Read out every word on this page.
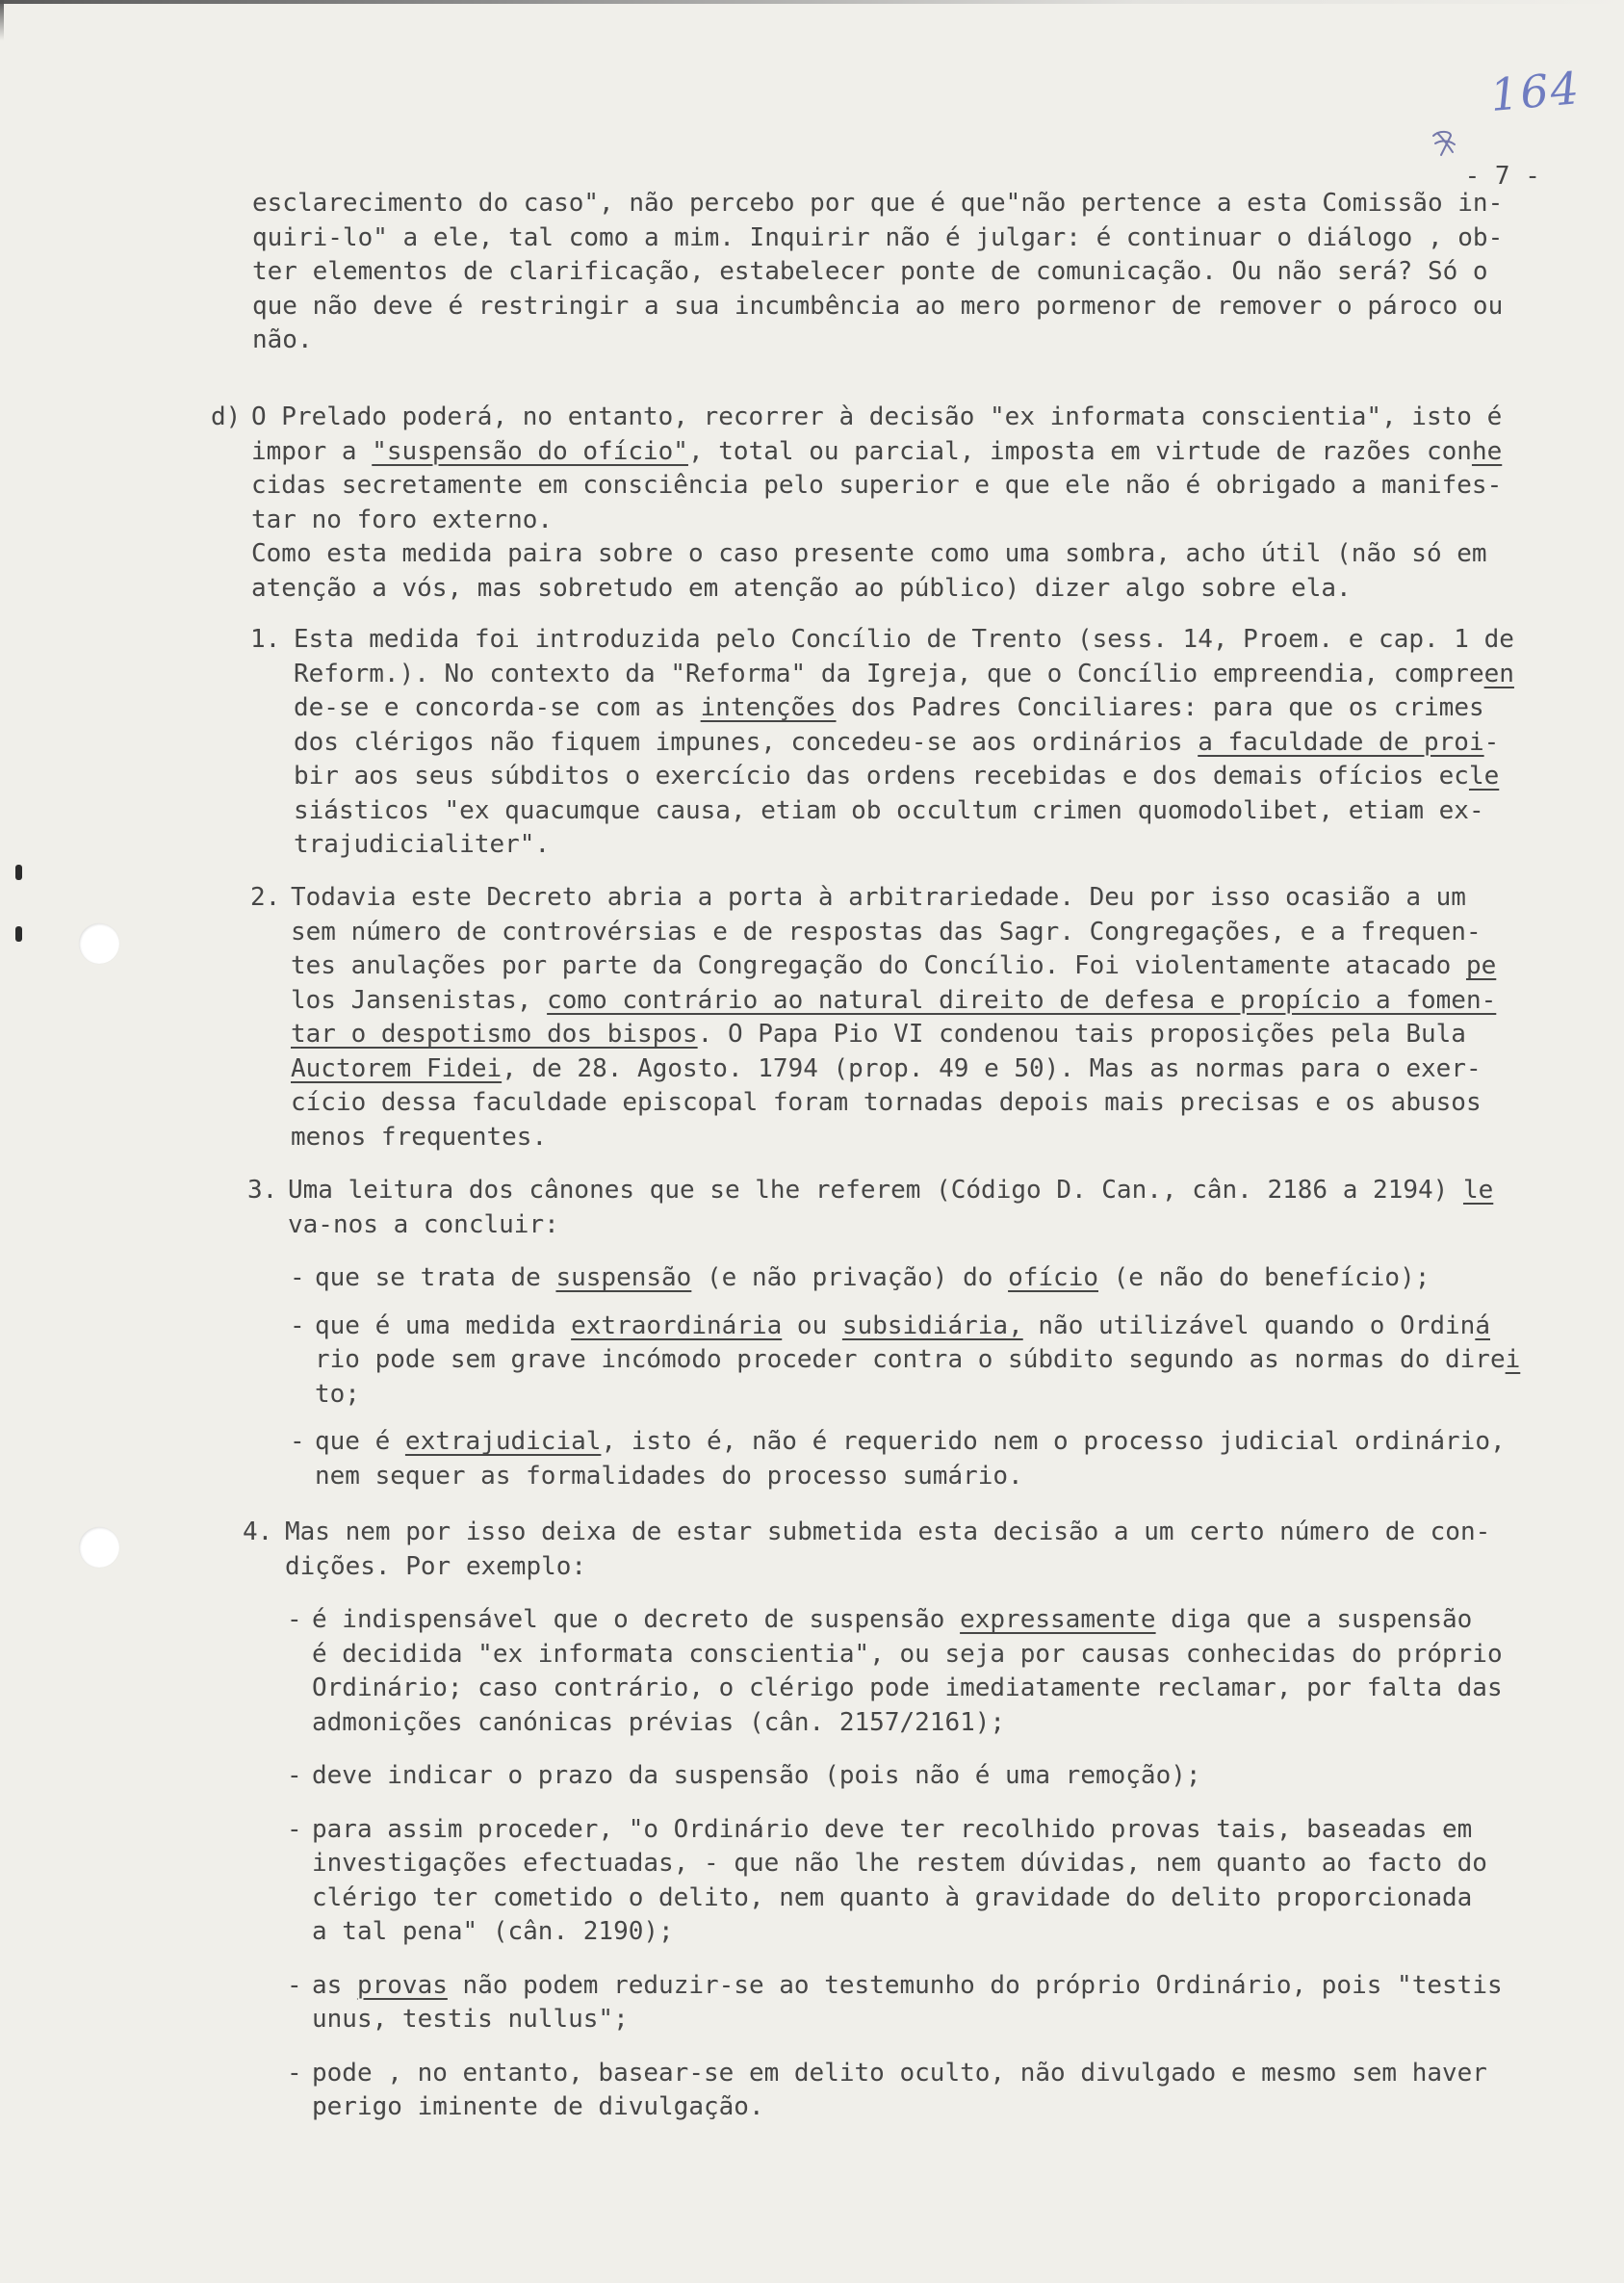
164

- 7 -

esclarecimento do caso", não percebo por que é que"não pertence a esta Comissão in-
quiri-lo" a ele, tal como a mim. Inquirir não é julgar: é continuar o diálogo , ob-
ter elementos de clarificação, estabelecer ponte de comunicação. Ou não será? Só o
que não deve é restringir a sua incumbência ao mero pormenor de remover o pároco ou
não.
d) O Prelado poderá, no entanto, recorrer à decisão "ex informata conscientia", isto é
impor a "suspensão do ofício", total ou parcial, imposta em virtude de razões conhe
cidas secretamente em consciência pelo superior e que ele não é obrigado a manifes-
tar no foro externo.
Como esta medida paira sobre o caso presente como uma sombra, acho útil (não só em
atenção a vós, mas sobretudo em atenção ao público) dizer algo sobre ela.
1. Esta medida foi introduzida pelo Concílio de Trento (sess. 14, Proem. e cap. 1 de
Reform.). No contexto da "Reforma" da Igreja, que o Concílio empreendia, compreen
de-se e concorda-se com as intenções dos Padres Conciliares: para que os crimes
dos clérigos não fiquem impunes, concedeu-se aos ordinários a faculdade de proi-
bir aos seus súbditos o exercício das ordens recebidas e dos demais ofícios ecle
siásticos "ex quacumque causa, etiam ob occultum crimen quomodolibet, etiam ex-
trajudicialiter".
2. Todavia este Decreto abria a porta à arbitrariedade. Deu por isso ocasião a um
sem número de controvérsias e de respostas das Sagr. Congregações, e a frequen-
tes anulações por parte da Congregação do Concílio. Foi violentamente atacado pe
los Jansenistas, como contrário ao natural direito de defesa e propício a fomen-
tar o despotismo dos bispos. O Papa Pio VI condenou tais proposições pela Bula
Auctorem Fidei, de 28. Agosto. 1794 (prop. 49 e 50). Mas as normas para o exer-
cício dessa faculdade episcopal foram tornadas depois mais precisas e os abusos
menos frequentes.
3. Uma leitura dos cânones que se lhe referem (Código D. Can., cân. 2186 a 2194) le
va-nos a concluir:
- que se trata de suspensão (e não privação) do ofício (e não do benefício);
- que é uma medida extraordinária ou subsidiária, não utilizável quando o Ordiná
rio pode sem grave incómodo proceder contra o súbdito segundo as normas do direi
to;
- que é extrajudicial, isto é, não é requerido nem o processo judicial ordinário,
nem sequer as formalidades do processo sumário.
4. Mas nem por isso deixa de estar submetida esta decisão a um certo número de con-
dições. Por exemplo:
- é indispensável que o decreto de suspensão expressamente diga que a suspensão
é decidida "ex informata conscientia", ou seja por causas conhecidas do próprio
Ordinário; caso contrário, o clérigo pode imediatamente reclamar, por falta das
admonições canónicas prévias (cân. 2157/2161);
- deve indicar o prazo da suspensão (pois não é uma remoção);
- para assim proceder, "o Ordinário deve ter recolhido provas tais, baseadas em
investigações efectuadas, - que não lhe restem dúvidas, nem quanto ao facto do
clérigo ter cometido o delito, nem quanto à gravidade do delito proporcionada
a tal pena" (cân. 2190);
- as provas não podem reduzir-se ao testemunho do próprio Ordinário, pois "testis
unus, testis nullus";
- pode , no entanto, basear-se em delito oculto, não divulgado e mesmo sem haver
perigo iminente de divulgação.
